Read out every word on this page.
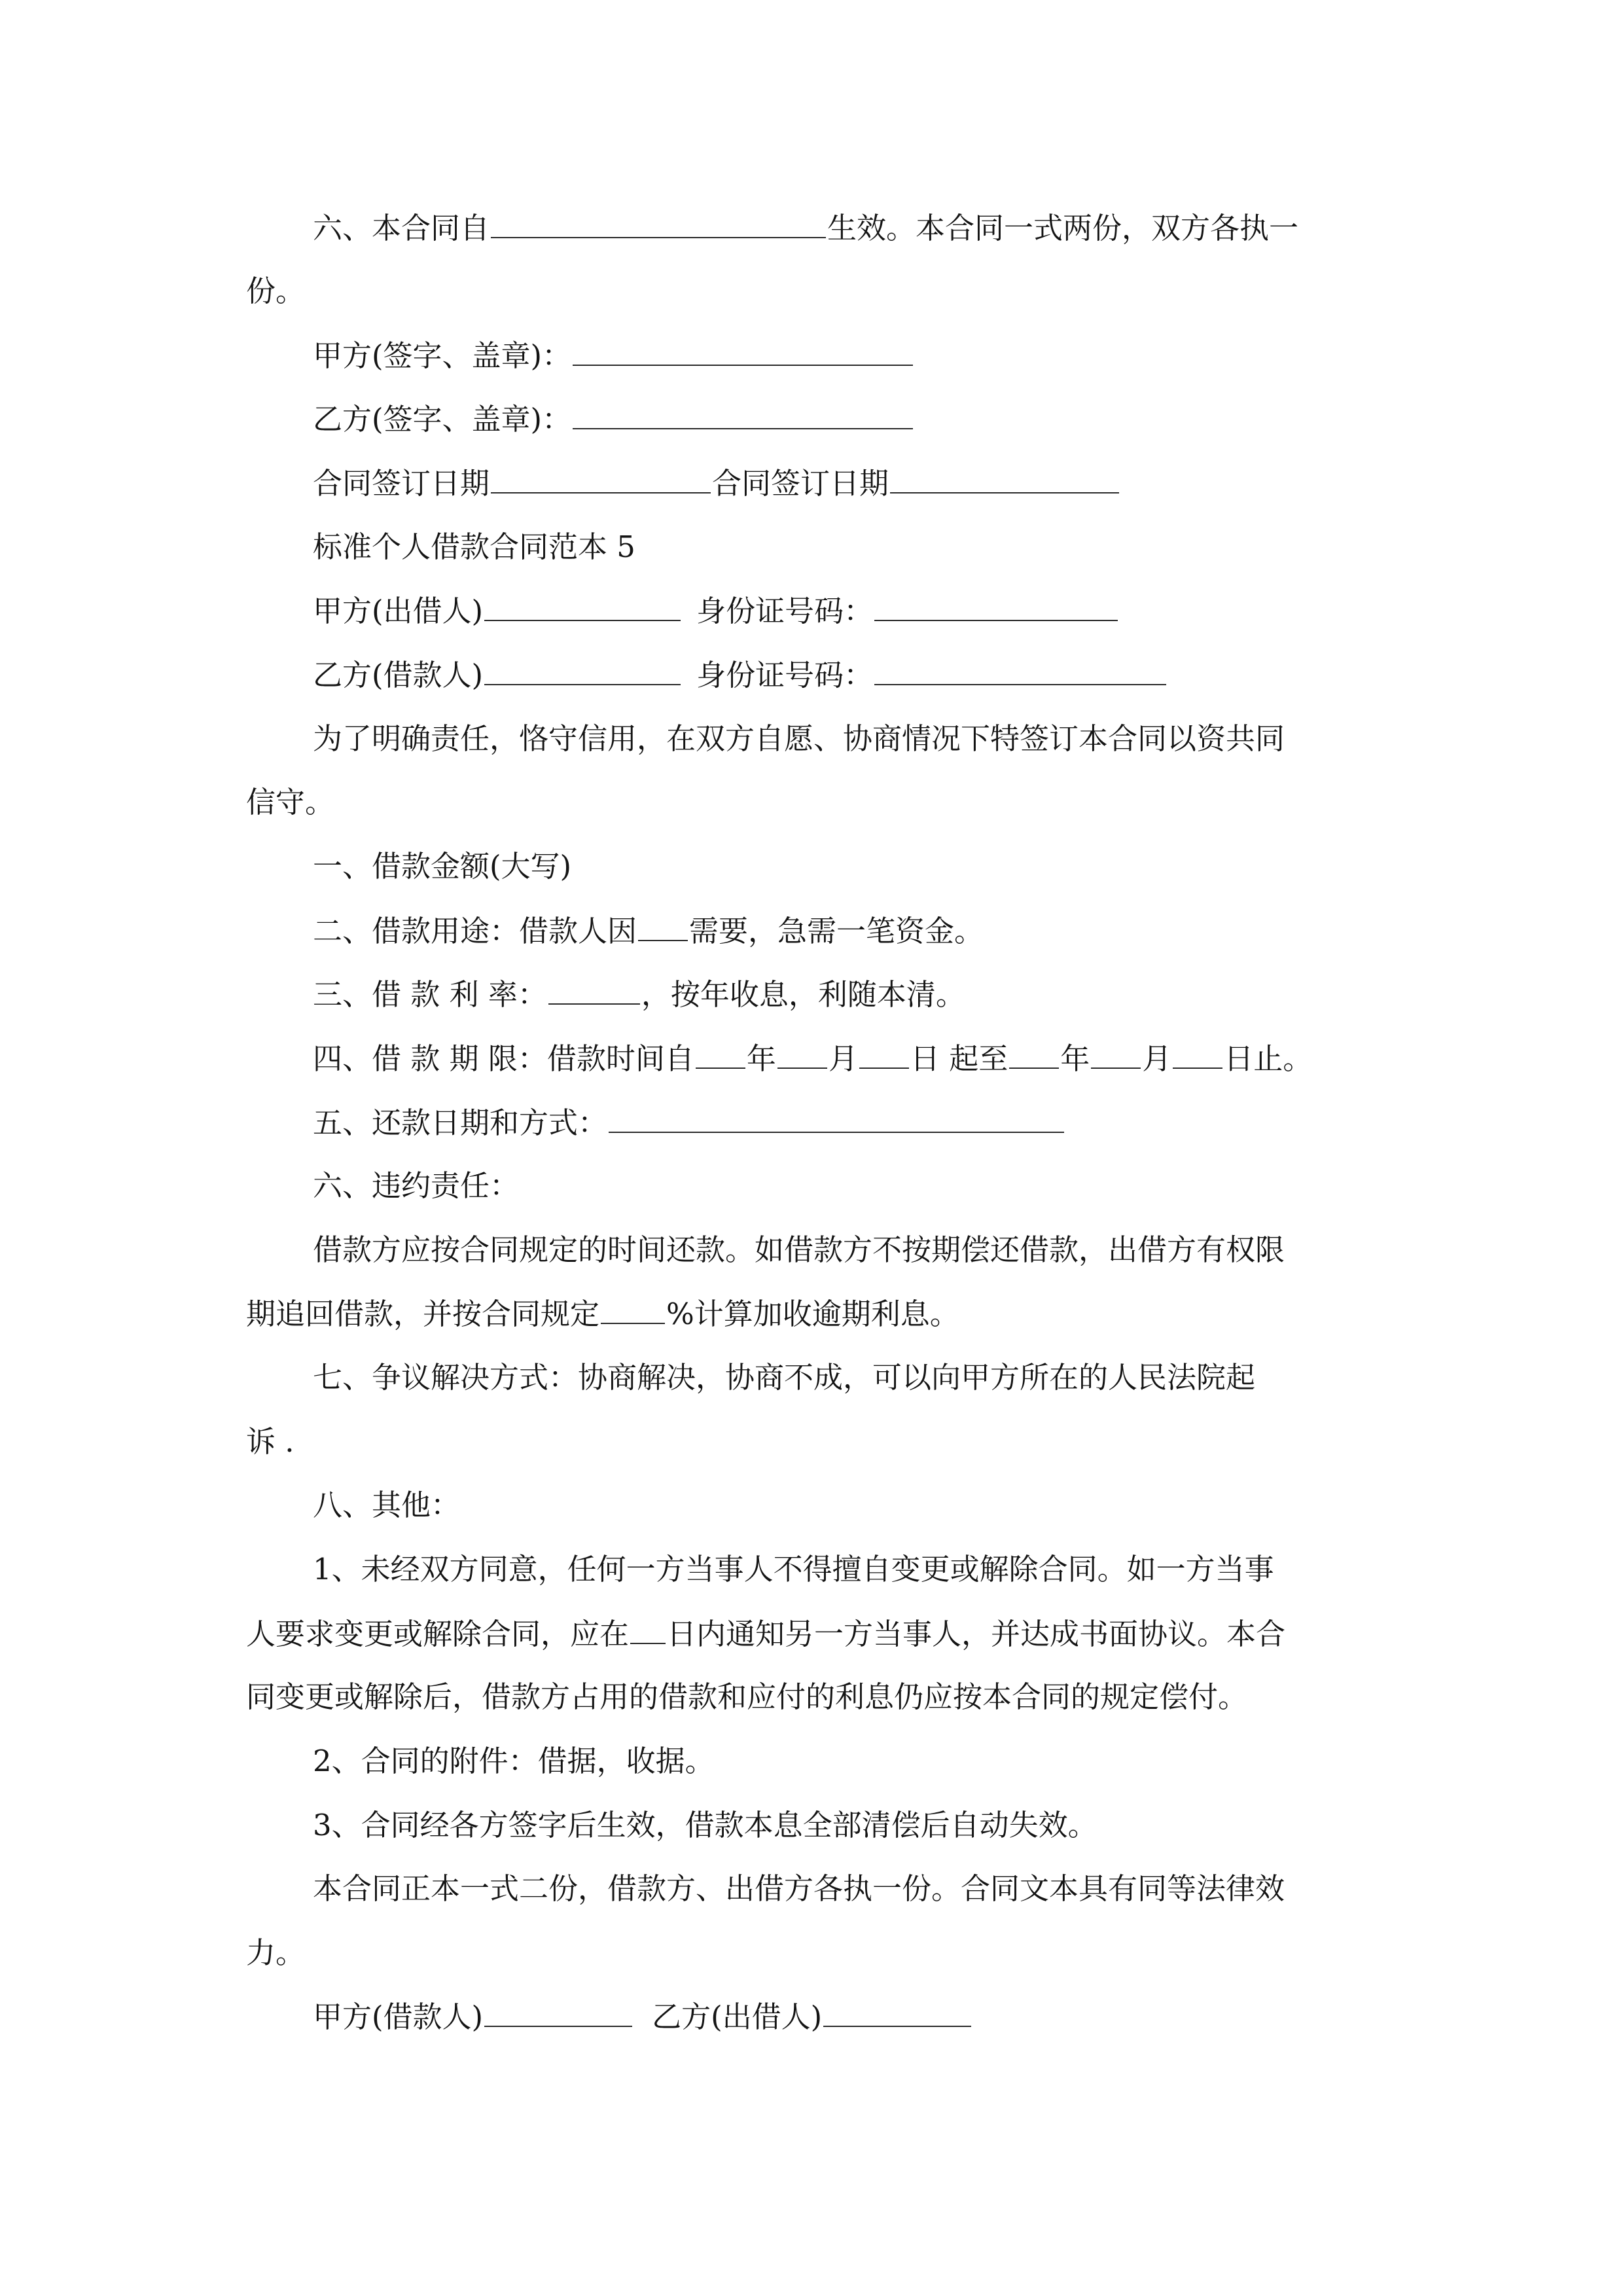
六、本合同自	生效。本合同一式两份，双方各执一
份。
甲方(签字、盖章)：
乙方(签字、盖章)：
合同签订日期	合同签订日期
标准个人借款合同范本 5
甲方(出借人)	身份证号码：
乙方(借款人)	身份证号码：
为了明确责任，恪守信用，在双方自愿、协商情况下特签订本合同以资共同
信守。
一、借款金额(大写)
二、借款用途：借款人因 需要，急需一笔资金。
三、借 款 利 率：	，按年收息，利随本清。
四、借 款 期 限：借款时间自 年 月 日 起至 年 月 日止。
五、还款日期和方式：
六、违约责任：
借款方应按合同规定的时间还款。如借款方不按期偿还借款，出借方有权限
期追回借款，并按合同规定 %计算加收逾期利息。
七、争议解决方式：协商解决，协商不成，可以向甲方所在的人民法院起
诉 .
八、其他：
1、未经双方同意，任何一方当事人不得擅自变更或解除合同。如一方当事
人要求变更或解除合同，应在 日内通知另一方当事人，并达成书面协议。本合
同变更或解除后，借款方占用的借款和应付的利息仍应按本合同的规定偿付。
2、合同的附件：借据，收据。
3、合同经各方签字后生效，借款本息全部清偿后自动失效。
本合同正本一式二份，借款方、出借方各执一份。合同文本具有同等法律效
力。
甲方(借款人)	乙方(出借人)
